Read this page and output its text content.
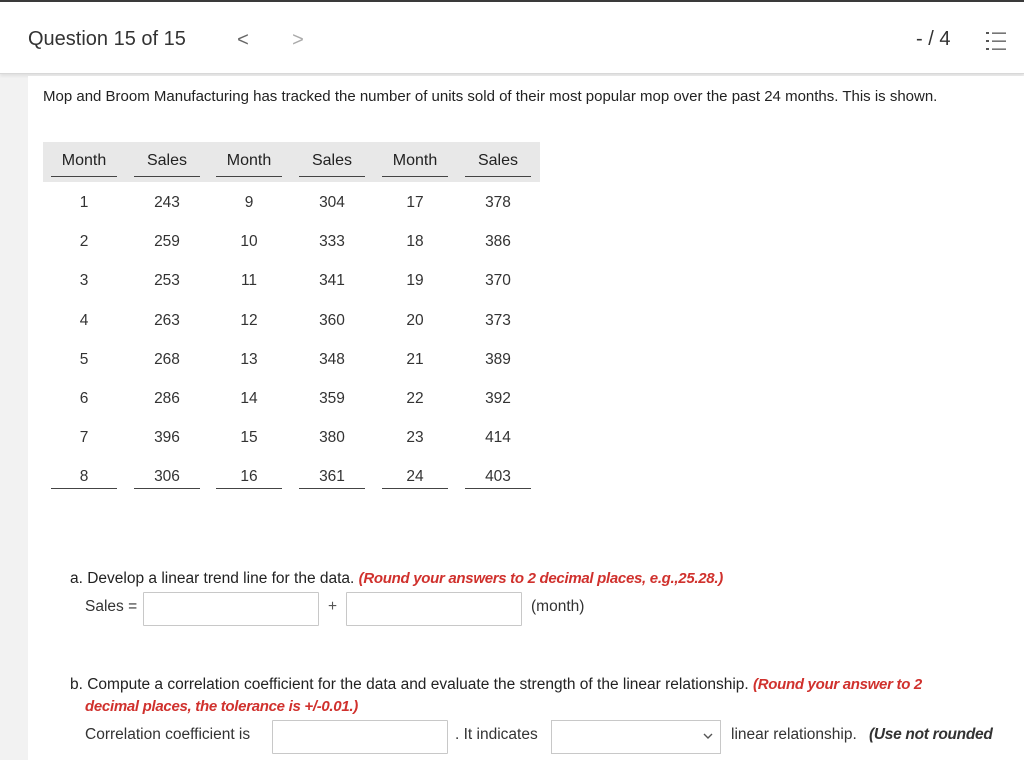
Question 15 of 15	< >	- / 4
Mop and Broom Manufacturing has tracked the number of units sold of their most popular mop over the past 24 months. This is shown.
Month	Sales	Month	Sales	Month	Sales
1	243	9	304	17	378
2	259	10	333	18	386
3	253	11	341	19	370
4	263	12	360	20	373
5	268	13	348	21	389
6	286	14	359	22	392
7	396	15	380	23	414
8	306	16	361	24	403
a. Develop a linear trend line for the data. (Round your answers to 2 decimal places, e.g.,25.28.)
Sales =	+	(month)
b. Compute a correlation coefficient for the data and evaluate the strength of the linear relationship. (Round your answer to 2
decimal places, the tolerance is +/-0.01.)
Correlation coefficient is	. It indicates	linear relationship. (Use not rounded
